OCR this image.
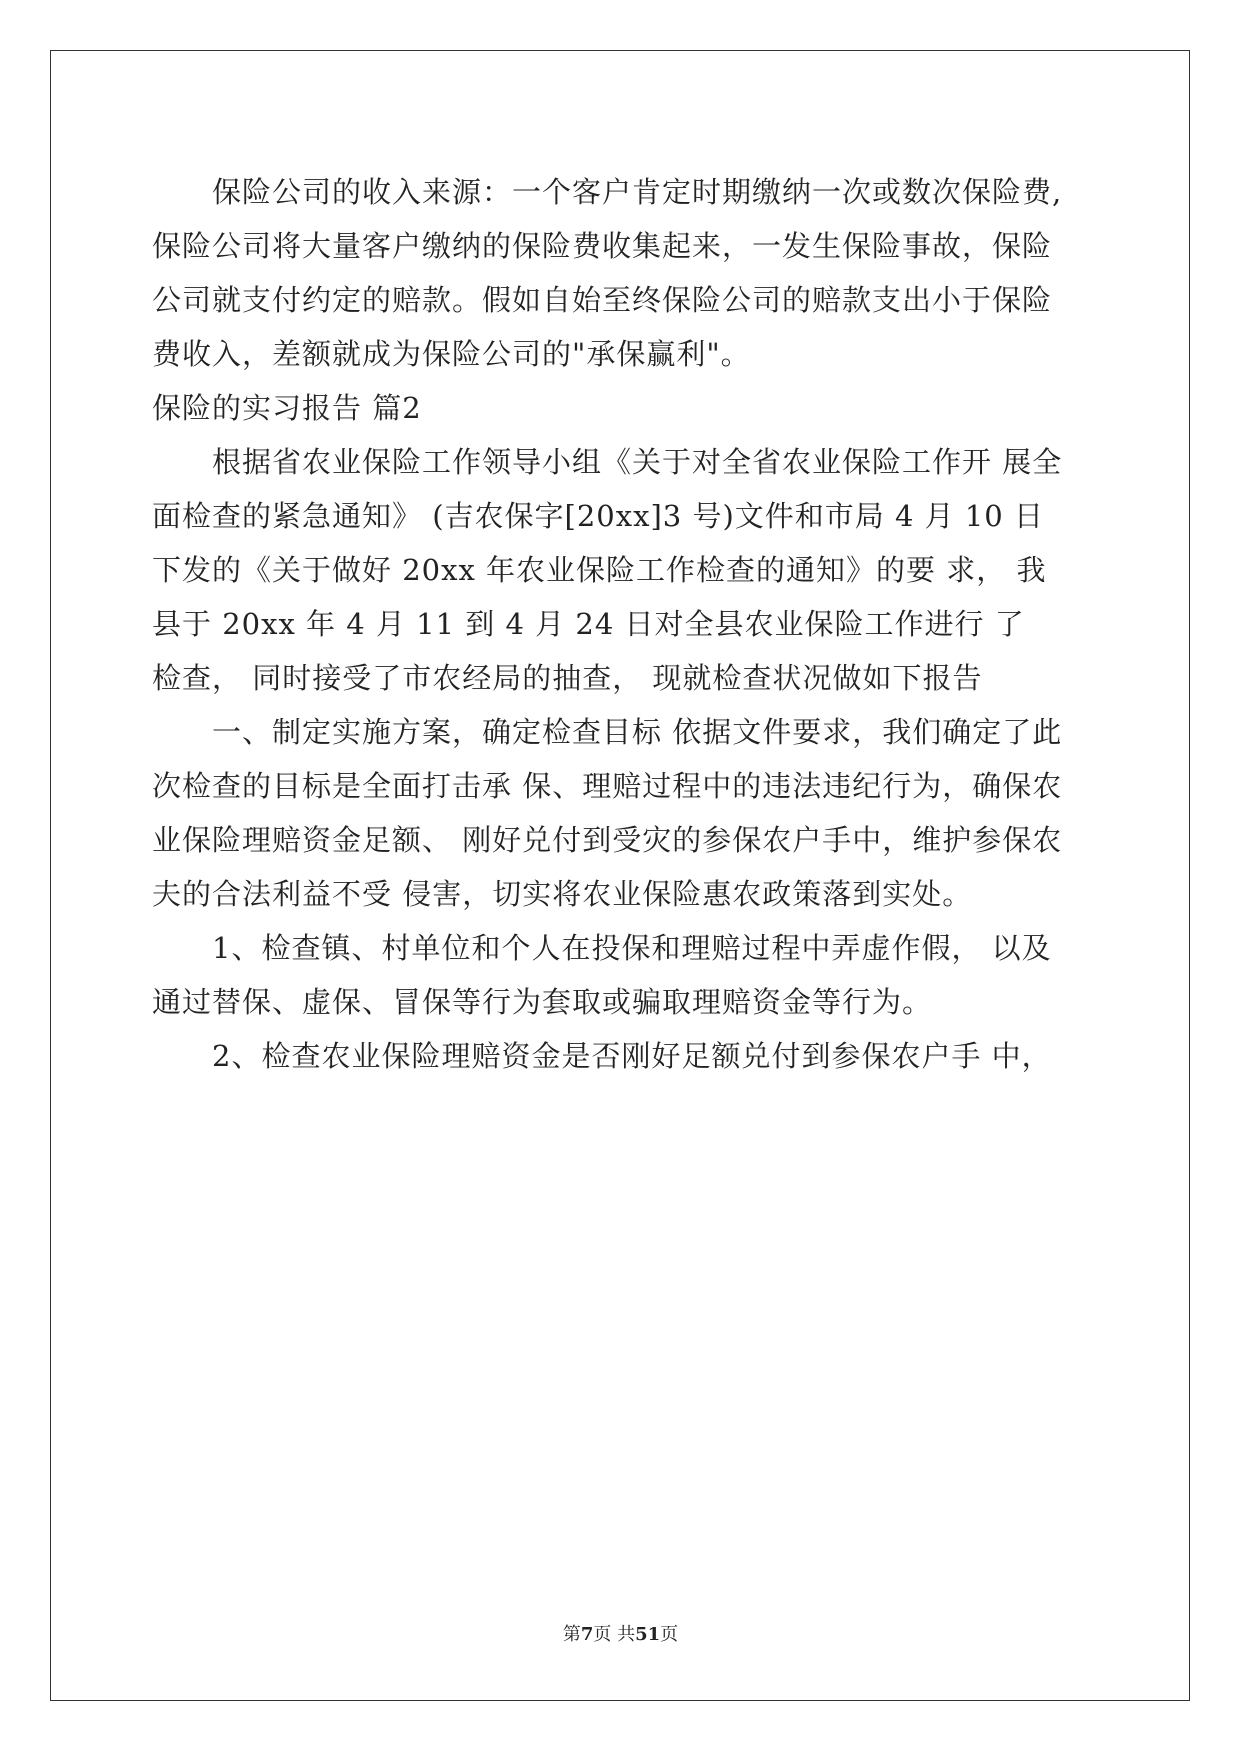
保险公司的收入来源：一个客户肯定时期缴纳一次或数次保险费,

保险公司将大量客户缴纳的保险费收集起来，一发生保险事故，保险

公司就支付约定的赔款。假如自始至终保险公司的赔款支出小于保险

费收入，差额就成为保险公司的"承保赢利"。

保险的实习报告 篇2

根据省农业保险工作领导小组《关于对全省农业保险工作开 展全

面检查的紧急通知》 (吉农保字[20xx]3 号)文件和市局 4 月 10 日

下发的《关于做好 20xx 年农业保险工作检查的通知》的要 求， 我

县于 20xx 年 4 月 11 到 4 月 24 日对全县农业保险工作进行 了

检查， 同时接受了市农经局的抽查， 现就检查状况做如下报告

一、制定实施方案，确定检查目标 依据文件要求，我们确定了此

次检查的目标是全面打击承 保、理赔过程中的违法违纪行为，确保农

业保险理赔资金足额、 刚好兑付到受灾的参保农户手中，维护参保农

夫的合法利益不受 侵害，切实将农业保险惠农政策落到实处。

1、检查镇、村单位和个人在投保和理赔过程中弄虚作假， 以及

通过替保、虚保、冒保等行为套取或骗取理赔资金等行为。

2、检查农业保险理赔资金是否刚好足额兑付到参保农户手 中，

第7页 共51页
